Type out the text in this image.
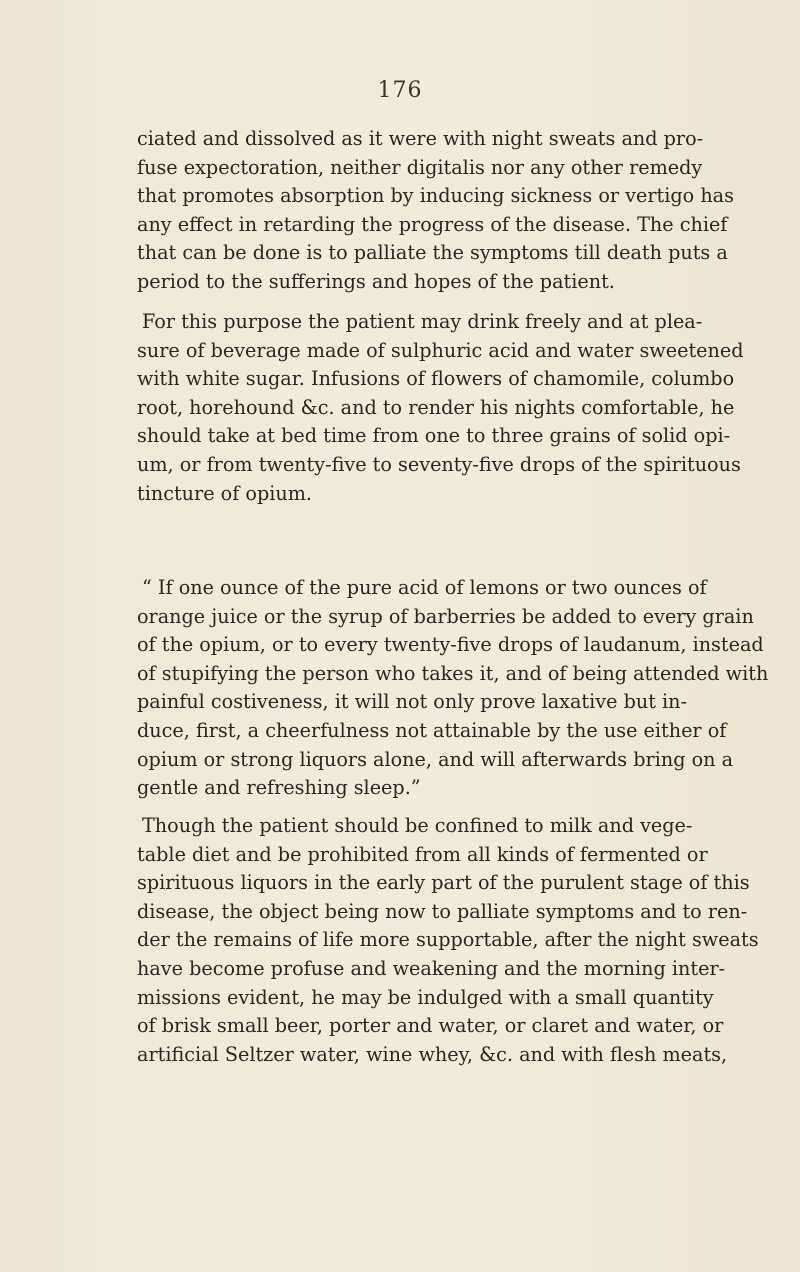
176
ciated and dissolved as it were with night sweats and pro-
fuse expectoration, neither digitalis nor any other remedy
that promotes absorption by inducing sickness or vertigo has
any effect in retarding the progress of the disease. The chief
that can be done is to palliate the symptoms till death puts a
period to the sufferings and hopes of the patient.
For this purpose the patient may drink freely and at plea-
sure of beverage made of sulphuric acid and water sweetened
with white sugar. Infusions of flowers of chamomile, columbo
root, horehound &c. and to render his nights comfortable, he
should take at bed time from one to three grains of solid opi-
um, or from twenty-five to seventy-five drops of the spirituous
tincture of opium.
“ If one ounce of the pure acid of lemons or two ounces of
orange juice or the syrup of barberries be added to every grain
of the opium, or to every twenty-five drops of laudanum, instead
of stupifying the person who takes it, and of being attended with
painful costiveness, it will not only prove laxative but in-
duce, first, a cheerfulness not attainable by the use either of
opium or strong liquors alone, and will afterwards bring on a
gentle and refreshing sleep.”
Though the patient should be confined to milk and vege-
table diet and be prohibited from all kinds of fermented or
spirituous liquors in the early part of the purulent stage of this
disease, the object being now to palliate symptoms and to ren-
der the remains of life more supportable, after the night sweats
have become profuse and weakening and the morning inter-
missions evident, he may be indulged with a small quantity
of brisk small beer, porter and water, or claret and water, or
artificial Seltzer water, wine whey, &c. and with flesh meats,
